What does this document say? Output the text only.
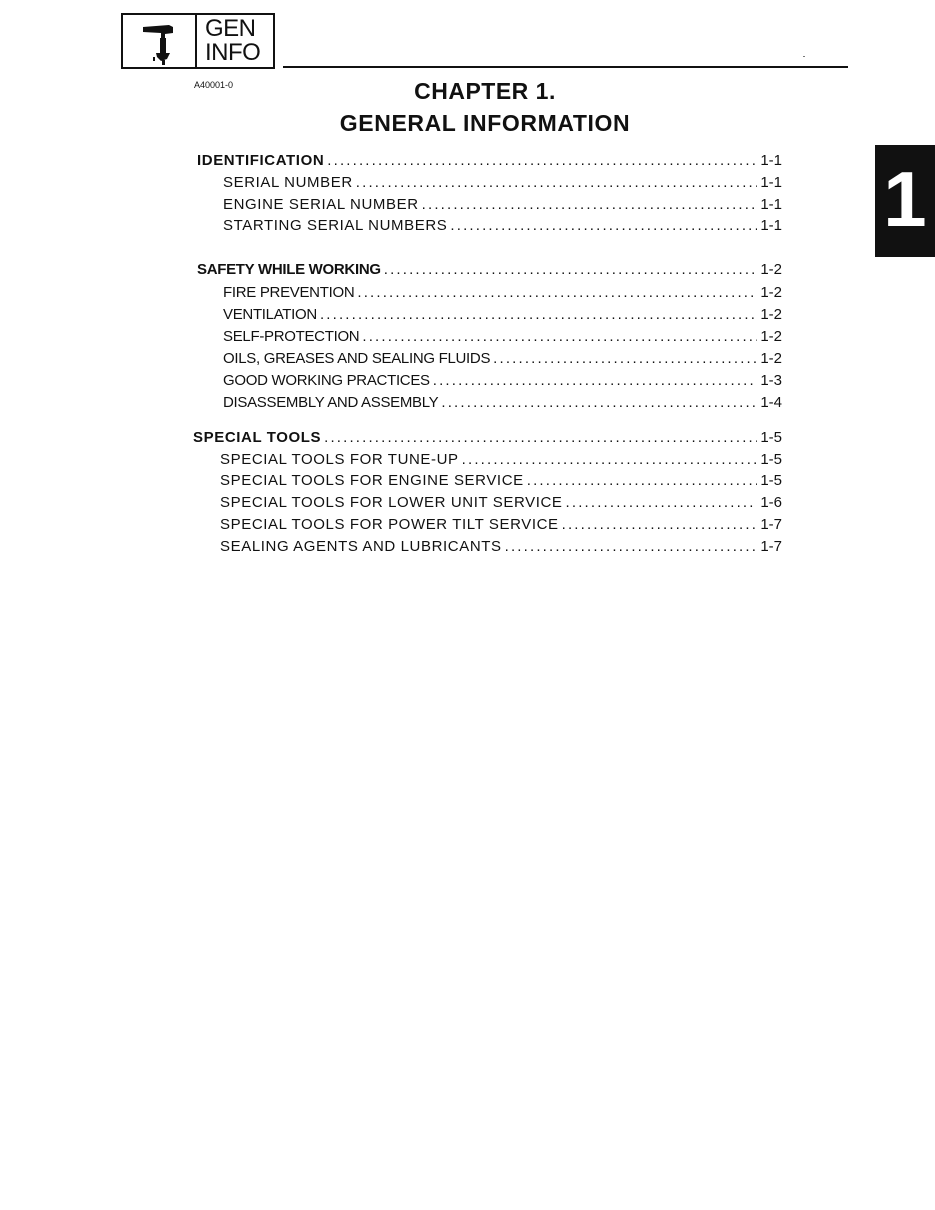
GEN
INFO
A40001-0	CHAPTER 1.
GENERAL INFORMATION
1
IDENTIFICATION . . .	1-1
SERIAL NUMBER . . .	1-1
ENGINE SERIAL NUMBER . . .	1-1
STARTING SERIAL NUMBERS . . .	1-1
SAFETY WHILE WORKING . . .	1-2
FIRE PREVENTION . . .	1-2
VENTILATION . . .	1-2
SELF-PROTECTION . . .	1-2
OILS, GREASES AND SEALING FLUIDS . . .	1-2
GOOD WORKING PRACTICES . . .	1-3
DISASSEMBLY AND ASSEMBLY . . .	1-4
SPECIAL TOOLS . . .	1-5
SPECIAL TOOLS FOR TUNE-UP . . .	1-5
SPECIAL TOOLS FOR ENGINE SERVICE . . .	1-5
SPECIAL TOOLS FOR LOWER UNIT SERVICE . . .	1-6
SPECIAL TOOLS FOR POWER TILT SERVICE . . .	1-7
SEALING AGENTS AND LUBRICANTS . . .	1-7
